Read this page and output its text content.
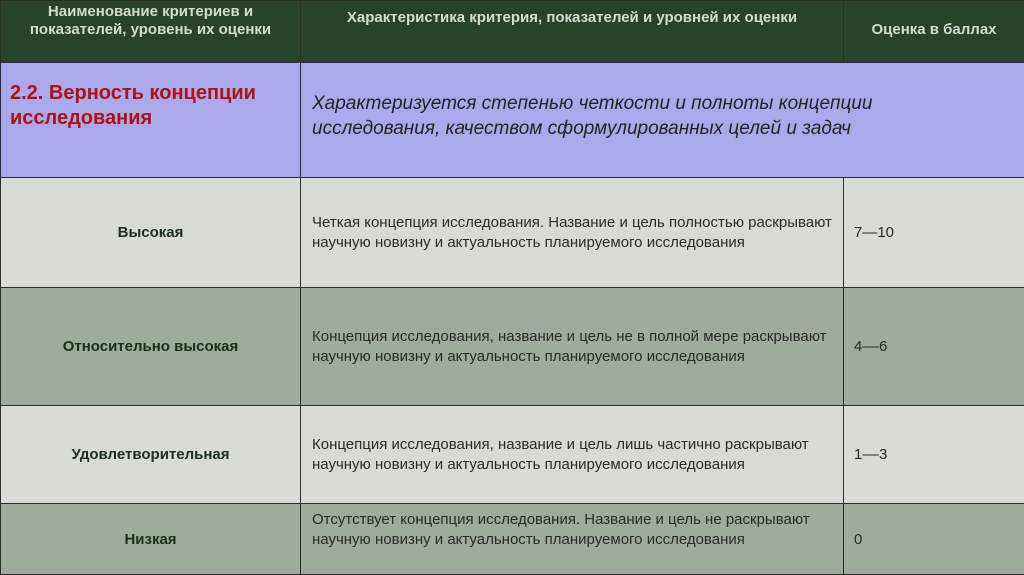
Наименование критериев и показателей, уровень их оценки	Характеристика критерия, показателей и уровней их оценки	Оценка в баллах
2.2. Верность концепции исследования	Характеризуется степенью четкости и полноты концепции исследования, качеством сформулированных целей и задач	
Высокая	Четкая концепция исследования. Название и цель полностью раскрывают научную новизну и актуальность планируемого исследования	7—10
Относительно высокая	Концепция исследования, название и цель не в полной мере раскрывают научную новизну и актуальность планируемого исследования	4––6
Удовлетворительная	Концепция исследования, название и цель лишь частично раскрывают научную новизну и актуальность планируемого исследования	1––3
Низкая	Отсутствует концепция исследования. Название и цель не раскрывают научную новизну и актуальность планируемого исследования	0
